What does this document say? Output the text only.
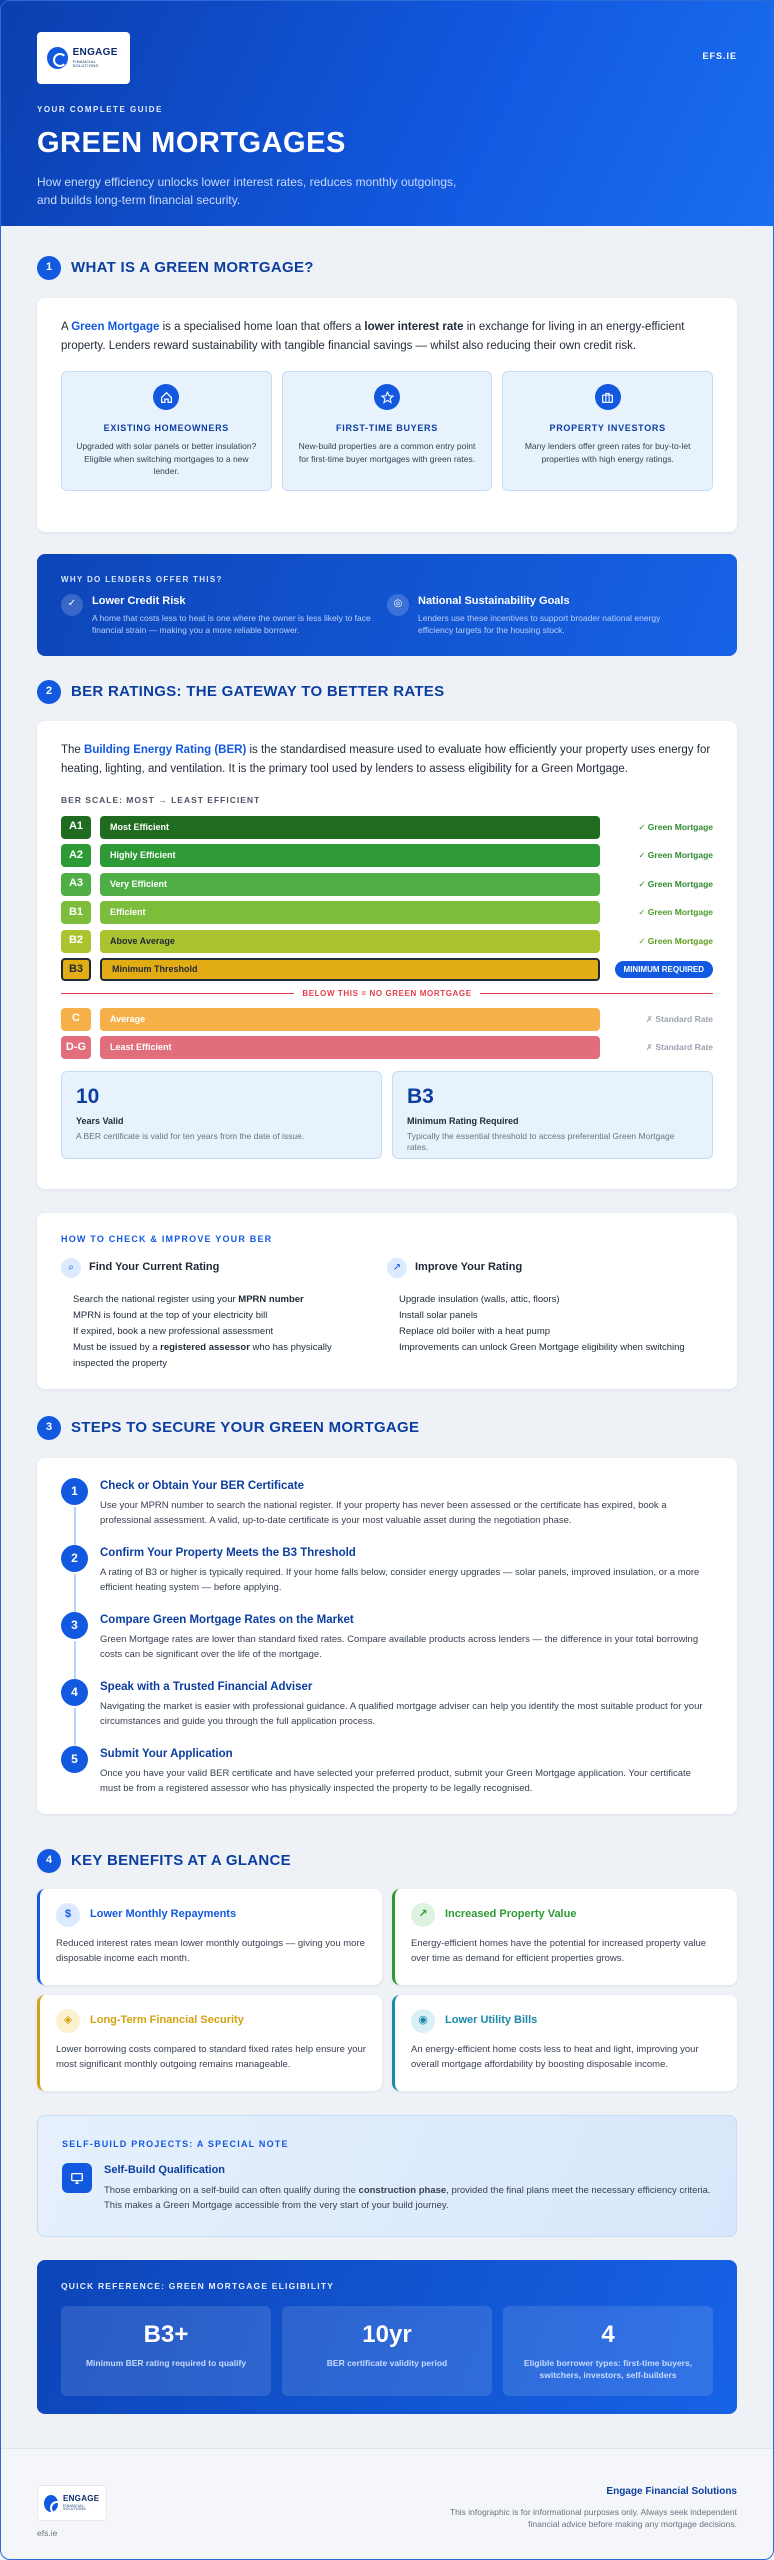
ENGAGE
FINANCIAL SOLUTIONS
EFS.IE
YOUR COMPLETE GUIDE
GREEN MORTGAGES

How energy efficiency unlocks lower interest rates, reduces monthly outgoings, and builds long-term financial security.

1	WHAT IS A GREEN MORTGAGE?

A Green Mortgage is a specialised home loan that offers a lower interest rate in exchange for living in an energy-efficient property. Lenders reward sustainability with tangible financial savings — whilst also reducing their own credit risk.

EXISTING HOMEOWNERS
Upgraded with solar panels or better insulation? Eligible when switching mortgages to a new lender.
FIRST-TIME BUYERS
New-build properties are a common entry point for first-time buyer mortgages with green rates.
PROPERTY INVESTORS
Many lenders offer green rates for buy-to-let properties with high energy ratings.
WHY DO LENDERS OFFER THIS?
✓	Lower Credit Risk
A home that costs less to heat is one where the owner is less likely to face financial strain — making you a more reliable borrower.
◎	National Sustainability Goals
Lenders use these incentives to support broader national energy efficiency targets for the housing stock.
2	BER RATINGS: THE GATEWAY TO BETTER RATES

The Building Energy Rating (BER) is the standardised measure used to evaluate how efficiently your property uses energy for heating, lighting, and ventilation. It is the primary tool used by lenders to assess eligibility for a Green Mortgage.

BER SCALE: MOST → LEAST EFFICIENT
A1	Most Efficient	✓ Green Mortgage
A2	Highly Efficient	✓ Green Mortgage
A3	Very Efficient	✓ Green Mortgage
B1	Efficient	✓ Green Mortgage
B2	Above Average	✓ Green Mortgage
B3	Minimum Threshold	MINIMUM REQUIRED
BELOW THIS = NO GREEN MORTGAGE
C	Average	✗ Standard Rate
D-G	Least Efficient	✗ Standard Rate
10
Years Valid
A BER certificate is valid for ten years from the date of issue.
B3
Minimum Rating Required
Typically the essential threshold to access preferential Green Mortgage rates.
HOW TO CHECK & IMPROVE YOUR BER
⌕	Find Your Current Rating
Search the national register using your MPRN number
MPRN is found at the top of your electricity bill
If expired, book a new professional assessment
Must be issued by a registered assessor who has physically inspected the property
↗	Improve Your Rating
Upgrade insulation (walls, attic, floors)
Install solar panels
Replace old boiler with a heat pump
Improvements can unlock Green Mortgage eligibility when switching
3	STEPS TO SECURE YOUR GREEN MORTGAGE
1	Check or Obtain Your BER Certificate
Use your MPRN number to search the national register. If your property has never been assessed or the certificate has expired, book a professional assessment. A valid, up-to-date certificate is your most valuable asset during the negotiation phase.
2	Confirm Your Property Meets the B3 Threshold
A rating of B3 or higher is typically required. If your home falls below, consider energy upgrades — solar panels, improved insulation, or a more efficient heating system — before applying.
3	Compare Green Mortgage Rates on the Market
Green Mortgage rates are lower than standard fixed rates. Compare available products across lenders — the difference in your total borrowing costs can be significant over the life of the mortgage.
4	Speak with a Trusted Financial Adviser
Navigating the market is easier with professional guidance. A qualified mortgage adviser can help you identify the most suitable product for your circumstances and guide you through the full application process.
5	Submit Your Application
Once you have your valid BER certificate and have selected your preferred product, submit your Green Mortgage application. Your certificate must be from a registered assessor who has physically inspected the property to be legally recognised.
4	KEY BENEFITS AT A GLANCE
$	Lower Monthly Repayments
Reduced interest rates mean lower monthly outgoings — giving you more disposable income each month.
↗	Increased Property Value
Energy-efficient homes have the potential for increased property value over time as demand for efficient properties grows.
◈	Long-Term Financial Security
Lower borrowing costs compared to standard fixed rates help ensure your most significant monthly outgoing remains manageable.
◉	Lower Utility Bills
An energy-efficient home costs less to heat and light, improving your overall mortgage affordability by boosting disposable income.
SELF-BUILD PROJECTS: A SPECIAL NOTE
Self-Build Qualification
Those embarking on a self-build can often qualify during the construction phase, provided the final plans meet the necessary efficiency criteria. This makes a Green Mortgage accessible from the very start of your build journey.
QUICK REFERENCE: GREEN MORTGAGE ELIGIBILITY
B3+
Minimum BER rating required to qualify
10yr
BER certificate validity period
4
Eligible borrower types: first-time buyers, switchers, investors, self-builders
ENGAGE
FINANCIAL SOLUTIONS
efs.ie
Engage Financial Solutions
This infographic is for informational purposes only. Always seek independent financial advice before making any mortgage decisions.
